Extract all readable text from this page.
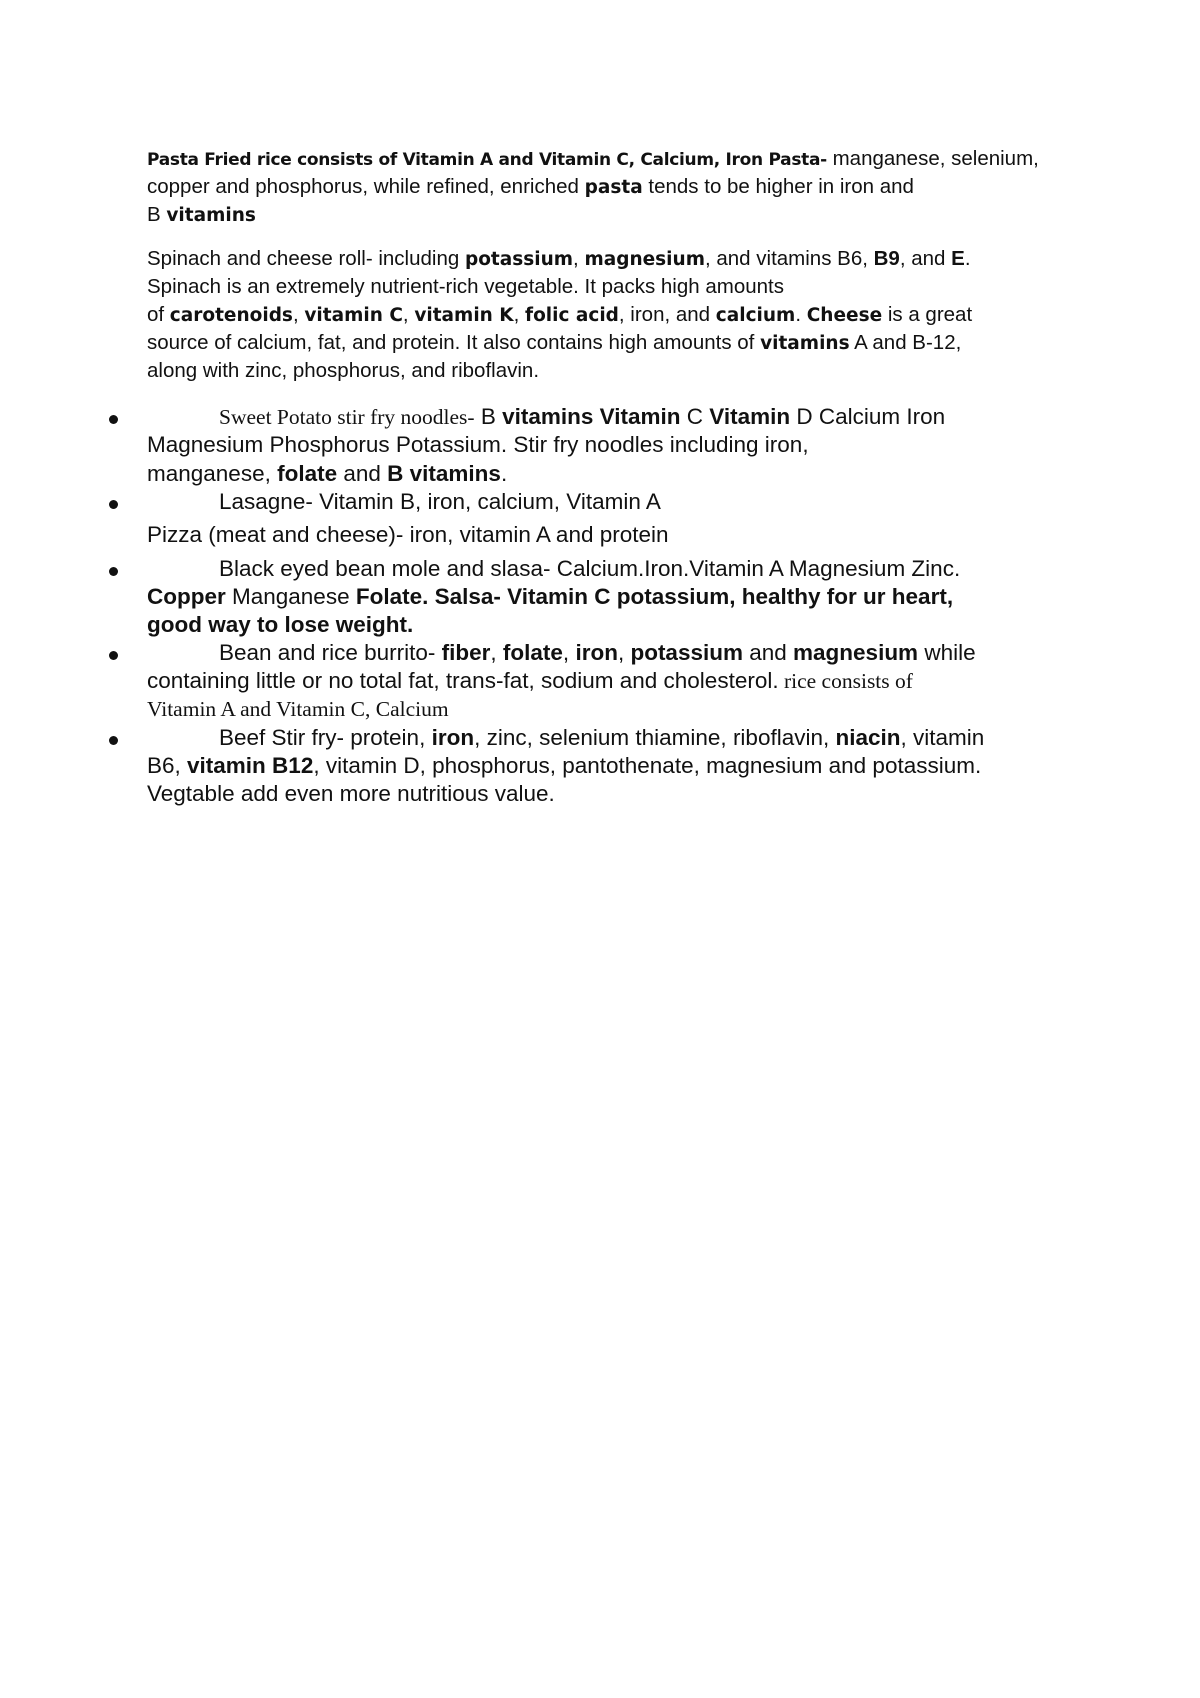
Pasta Fried rice consists of Vitamin A and Vitamin C, Calcium, Iron Pasta- manganese, selenium,
copper and phosphorus, while refined, enriched pasta tends to be higher in iron and
B vitamins
Spinach and cheese roll- including potassium, magnesium, and vitamins B6, B9, and E.
Spinach is an extremely nutrient-rich vegetable. It packs high amounts
of carotenoids, vitamin C, vitamin K, folic acid, iron, and calcium. Cheese is a great
source of calcium, fat, and protein. It also contains high amounts of vitamins A and B-12,
along with zinc, phosphorus, and riboflavin.
Sweet Potato stir fry noodles- B vitamins Vitamin C Vitamin D Calcium Iron
Magnesium Phosphorus Potassium. Stir fry noodles including iron,
manganese, folate and B vitamins.
Lasagne- Vitamin B, iron, calcium, Vitamin A
Pizza (meat and cheese)- iron, vitamin A and protein
Black eyed bean mole and slasa- Calcium.Iron.Vitamin A Magnesium Zinc.
Copper Manganese Folate. Salsa- Vitamin C potassium, healthy for ur heart,
good way to lose weight.
Bean and rice burrito- fiber, folate, iron, potassium and magnesium while
containing little or no total fat, trans-fat, sodium and cholesterol. rice consists of
Vitamin A and Vitamin C, Calcium
Beef Stir fry- protein, iron, zinc, selenium thiamine, riboflavin, niacin, vitamin
B6, vitamin B12, vitamin D, phosphorus, pantothenate, magnesium and potassium.
Vegtable add even more nutritious value.
